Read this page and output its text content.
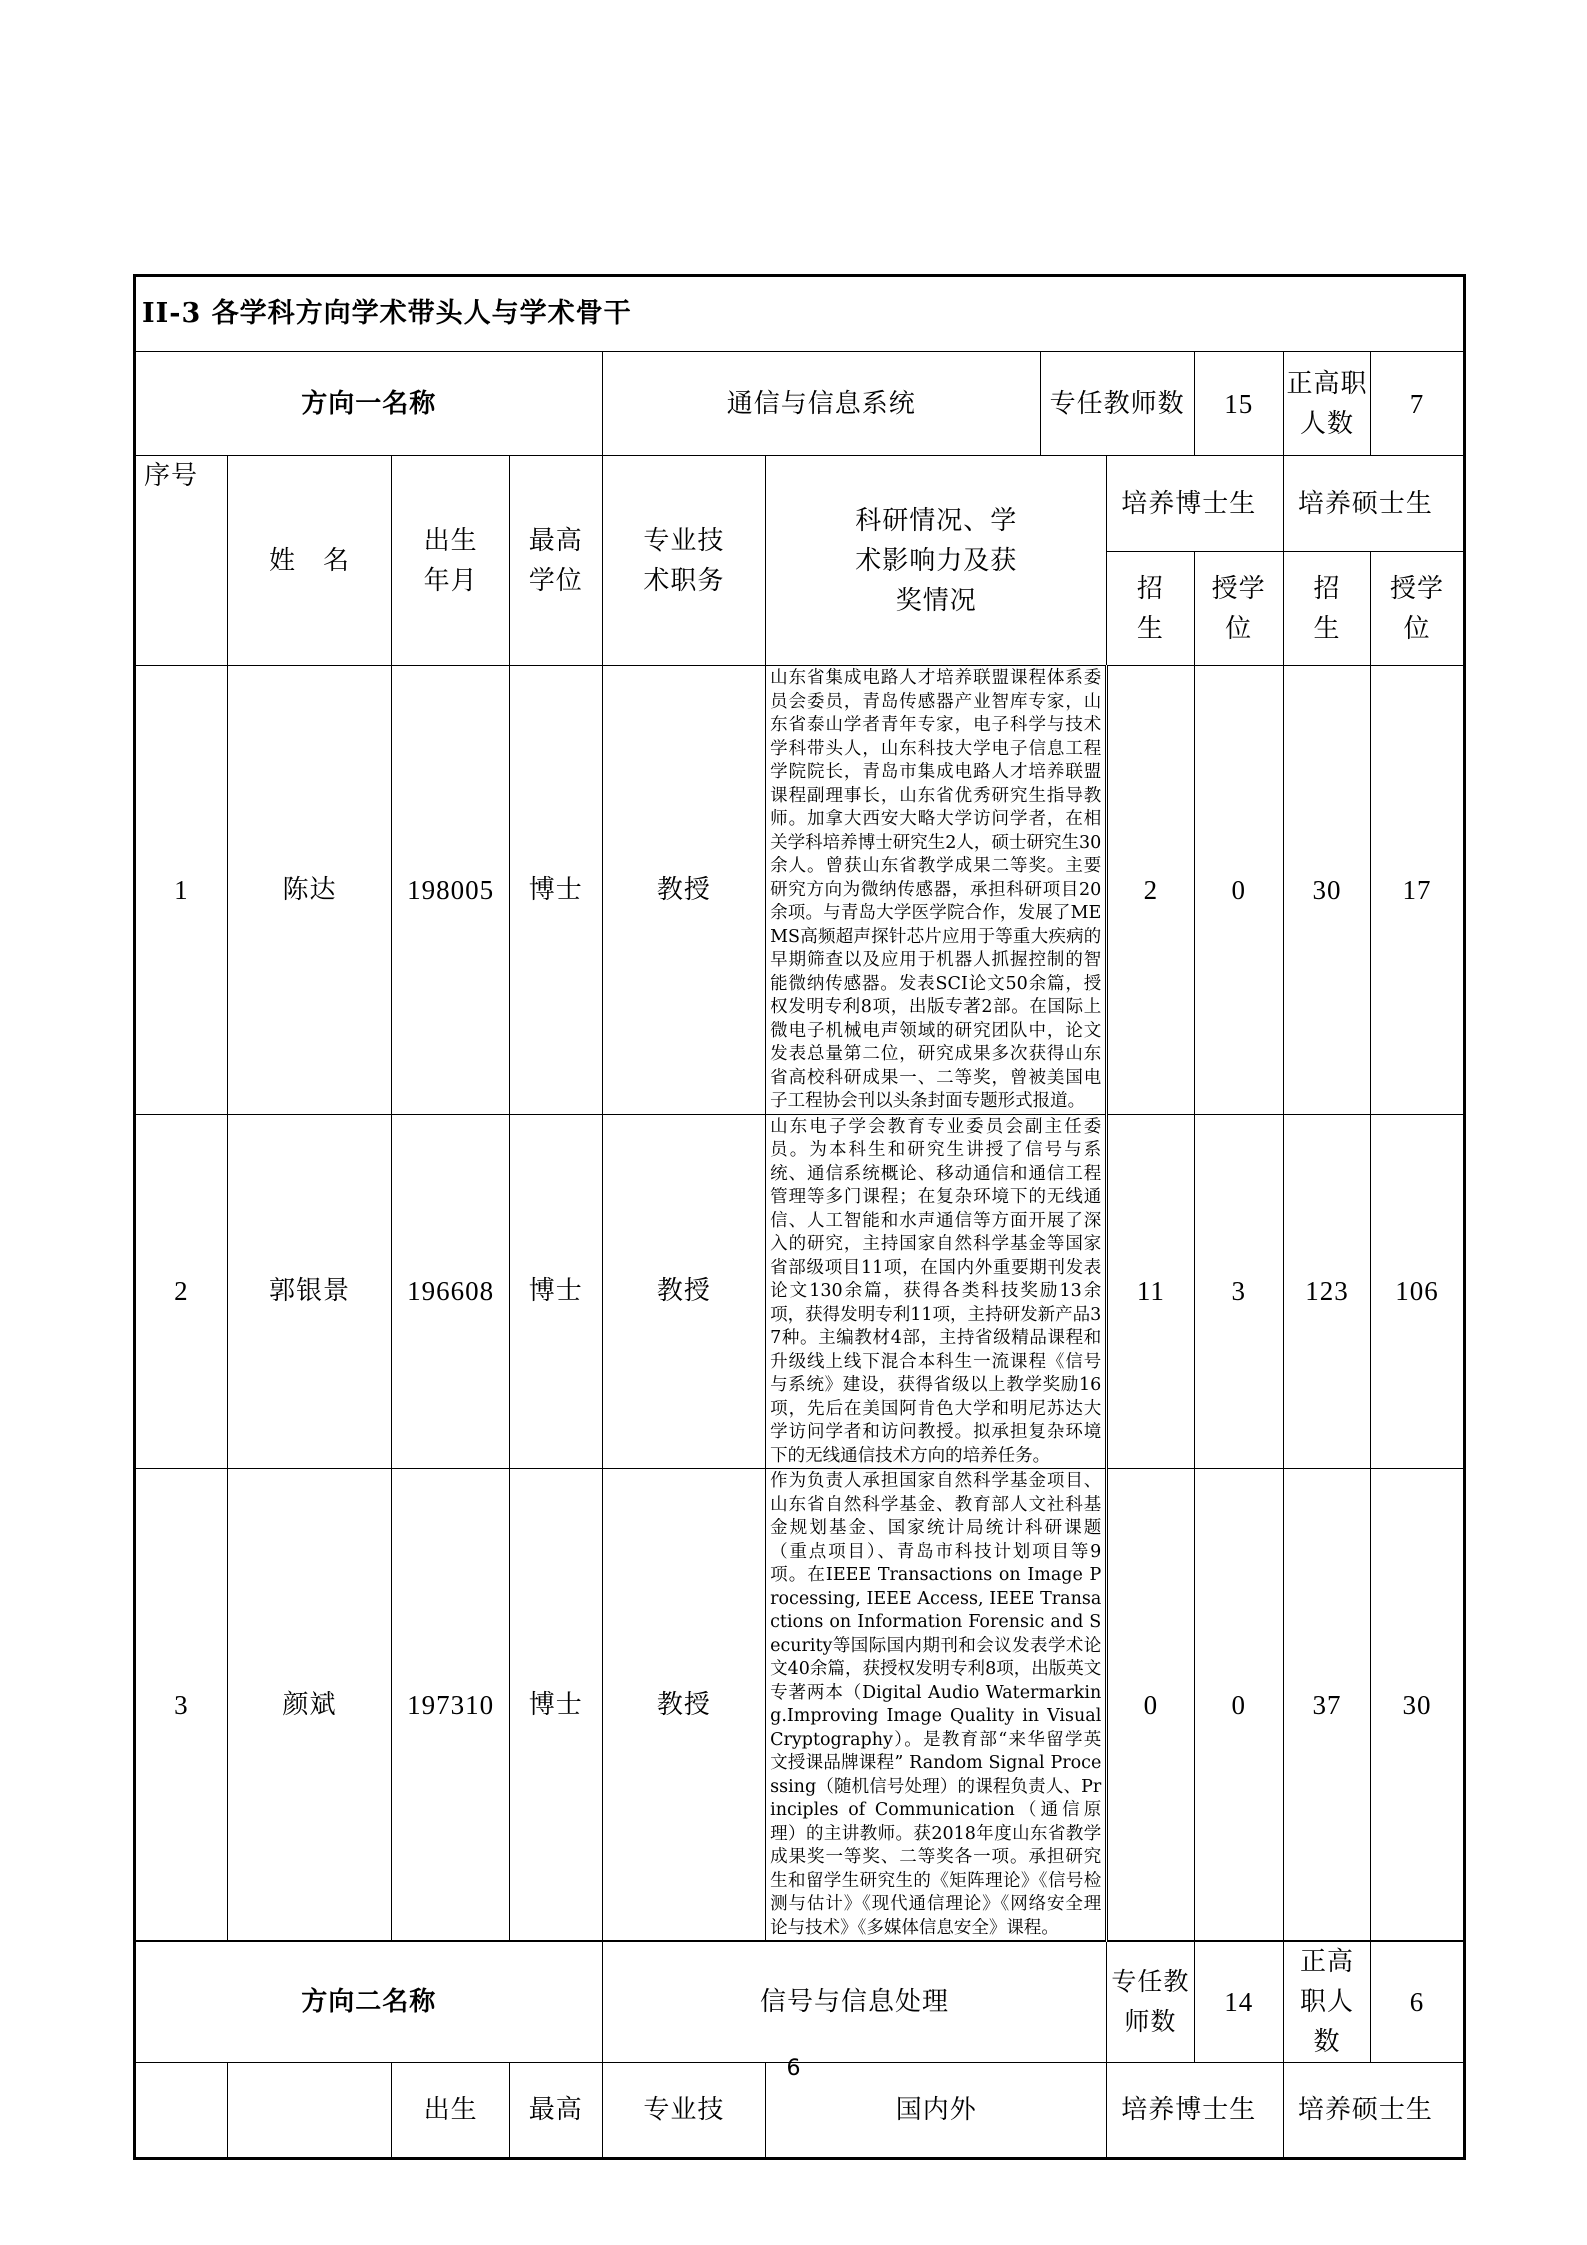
II-3 各学科方向学术带头人与学术骨干										
方向一名称				通信与信息系统		专任教师数		15	正高职人数	7
序号	姓　名	出生年月	最高学位	专业技术职务	科研情况、学术影响力及获奖情况		培养博士生		培养硕士生	
							招生	授学位	招生	授学位
1	陈达	198005	博士	教授	山东省集成电路人才培养联盟课程体系委员会委员，青岛传感器产业智库专家，山东省泰山学者青年专家，电子科学与技术学科带头人，山东科技大学电子信息工程学院院长，青岛市集成电路人才培养联盟课程副理事长，山东省优秀研究生指导教师。加拿大西安大略大学访问学者，在相关学科培养博士研究生2人，硕士研究生30余人。曾获山东省教学成果二等奖。主要研究方向为微纳传感器，承担科研项目20余项。与青岛大学医学院合作，发展了MEMS高频超声探针芯片应用于等重大疾病的早期筛查以及应用于机器人抓握控制的智能微纳传感器。发表SCI论文50余篇，授权发明专利8项，出版专著2部。在国际上微电子机械电声领域的研究团队中，论文发表总量第二位，研究成果多次获得山东省高校科研成果一、二等奖，曾被美国电子工程协会刊以头条封面专题形式报道。		2	0	30	17
2	郭银景	196608	博士	教授	山东电子学会教育专业委员会副主任委员。为本科生和研究生讲授了信号与系统、通信系统概论、移动通信和通信工程管理等多门课程；在复杂环境下的无线通信、人工智能和水声通信等方面开展了深入的研究，主持国家自然科学基金等国家省部级项目11项，在国内外重要期刊发表论文130余篇，获得各类科技奖励13余项，获得发明专利11项，主持研发新产品37种。主编教材4部，主持省级精品课程和升级线上线下混合本科生一流课程《信号与系统》建设，获得省级以上教学奖励16项，先后在美国阿肯色大学和明尼苏达大学访问学者和访问教授。拟承担复杂环境下的无线通信技术方向的培养任务。		11	3	123	106
3	颜斌	197310	博士	教授	作为负责人承担国家自然科学基金项目、山东省自然科学基金、教育部人文社科基金规划基金、国家统计局统计科研课题（重点项目）、青岛市科技计划项目等9项。在IEEE Transactions on Image Processing, IEEE Access, IEEE Transactions on Information Forensic and Security等国际国内期刊和会议发表学术论文40余篇，获授权发明专利8项，出版英文专著两本（Digital Audio Watermarking.Improving Image Quality in Visual Cryptography）。是教育部“来华留学英文授课品牌课程” Random Signal Processing（随机信号处理）的课程负责人、Principles of Communication（通信原理）的主讲教师。获2018年度山东省教学成果奖一等奖、二等奖各一项。承担研究生和留学生研究生的《矩阵理论》《信号检测与估计》《现代通信理论》《网络安全理论与技术》《多媒体信息安全》课程。		0	0	37	30
方向二名称				信号与信息处理			专任教师数	14	正高职人数	6
		出生	最高	专业技	国内外		培养博士生		培养硕士生	
6
